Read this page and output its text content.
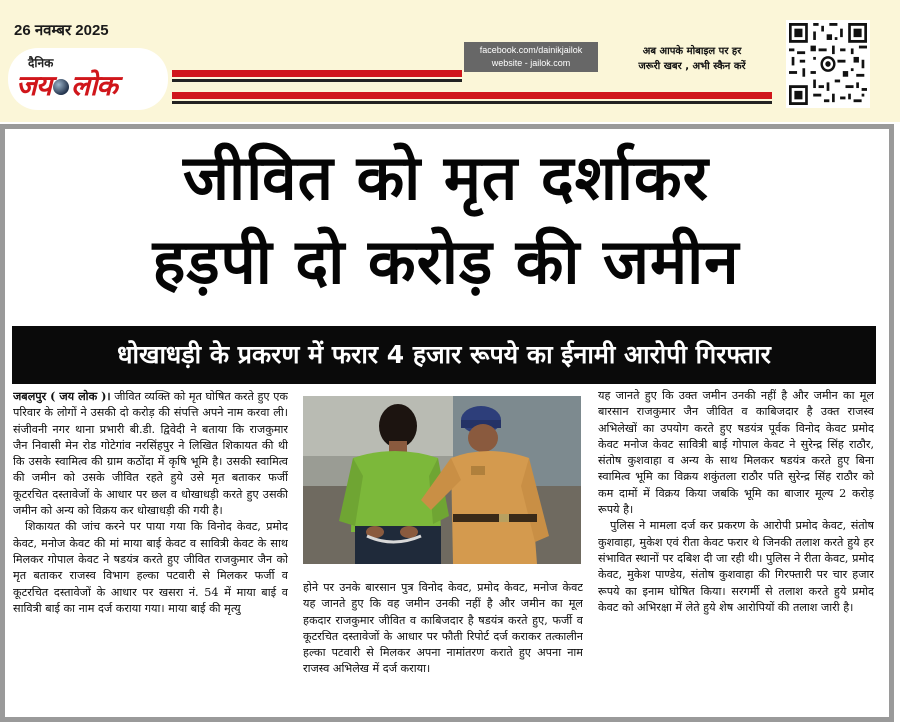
26 नवम्बर 2025
दैनिक
जय लोक
facebook.com/dainikjailok
website - jailok.com
अब आपके मोबाइल पर हर
जरूरी खबर , अभी स्कैन करें
जीवित को मृत दर्शाकर
हड़पी दो करोड़ की जमीन
धोखाधड़ी के प्रकरण में फरार 4 हजार रूपये का ईनामी आरोपी गिरफ्तार

जबलपुर ( जय लोक )। जीवित व्यक्ति को मृत घोषित करते हुए एक परिवार के लोगों ने उसकी दो करोड़ की संपत्ति अपने नाम करवा ली। संजीवनी नगर थाना प्रभारी बी.डी. द्विवेदी ने बताया कि राजकुमार जैन निवासी मेन रोड गोटेगांव नरसिंहपुर ने लिखित शिकायत की थी कि उसके स्वामित्व की ग्राम कठोंदा में कृषि भूमि है। उसकी स्वामित्व की जमीन को उसके जीवित रहते हुये उसे मृत बताकर फर्जी कूटरचित दस्तावेजों के आधार पर छल व धोखाधड़ी करते हुए उसकी जमीन को अन्य को विक्रय कर धोखाधड़ी की गयी है।

शिकायत की जांच करने पर पाया गया कि विनोद केवट, प्रमोद केवट, मनोज केवट की मां माया बाई केवट व सावित्री केवट के साथ मिलकर गोपाल केवट ने षडयंत्र करते हुए जीवित राजकुमार जैन को मृत बताकर राजस्व विभाग हल्का पटवारी से मिलकर फर्जी व कूटरचित दस्तावेजों के आधार पर खसरा नं. 54 में माया बाई व सावित्री बाई का नाम दर्ज कराया गया। माया बाई की मृत्यु

होने पर उनके बारसान पुत्र विनोद केवट, प्रमोद केवट, मनोज केवट यह जानते हुए कि वह जमीन उनकी नहीं है और जमीन का मूल हकदार राजकुमार जीवित व काबिजदार है षडयंत्र करते हुए, फर्जी व कूटरचित दस्तावेजों के आधार पर फौती रिपोर्ट दर्ज कराकर तत्कालीन हल्का पटवारी से मिलकर अपना नामांतरण कराते हुए अपना नाम राजस्व अभिलेख में दर्ज कराया।

यह जानते हुए कि उक्त जमीन उनकी नहीं है और जमीन का मूल बारसान राजकुमार जैन जीवित व काबिजदार है उक्त राजस्व अभिलेखों का उपयोग करते हुए षडयंत्र पूर्वक विनोद केवट प्रमोद केवट मनोज केवट सावित्री बाई गोपाल केवट ने सुरेन्द्र सिंह राठौर, संतोष कुशवाहा व अन्य के साथ मिलकर षडयंत्र करते हुए बिना स्वामित्व भूमि का विक्रय शकुंतला राठौर पति सुरेन्द्र सिंह राठौर को कम दामों में विक्रय किया जबकि भूमि का बाजार मूल्य 2 करोड़ रूपये है।

पुलिस ने मामला दर्ज कर प्रकरण के आरोपी प्रमोद केवट, संतोष कुशवाहा, मुकेश एवं रीता केवट फरार थे जिनकी तलाश करते हुये हर संभावित स्थानों पर दबिश दी जा रही थी। पुलिस ने रीता केवट, प्रमोद केवट, मुकेश पाण्डेय, संतोष कुशवाहा की गिरफ्तारी पर चार हजार रूपये का इनाम घोषित किया। सरगर्मी से तलाश करते हुये प्रमोद केवट को अभिरक्षा में लेते हुये शेष आरोपियों की तलाश जारी है।
